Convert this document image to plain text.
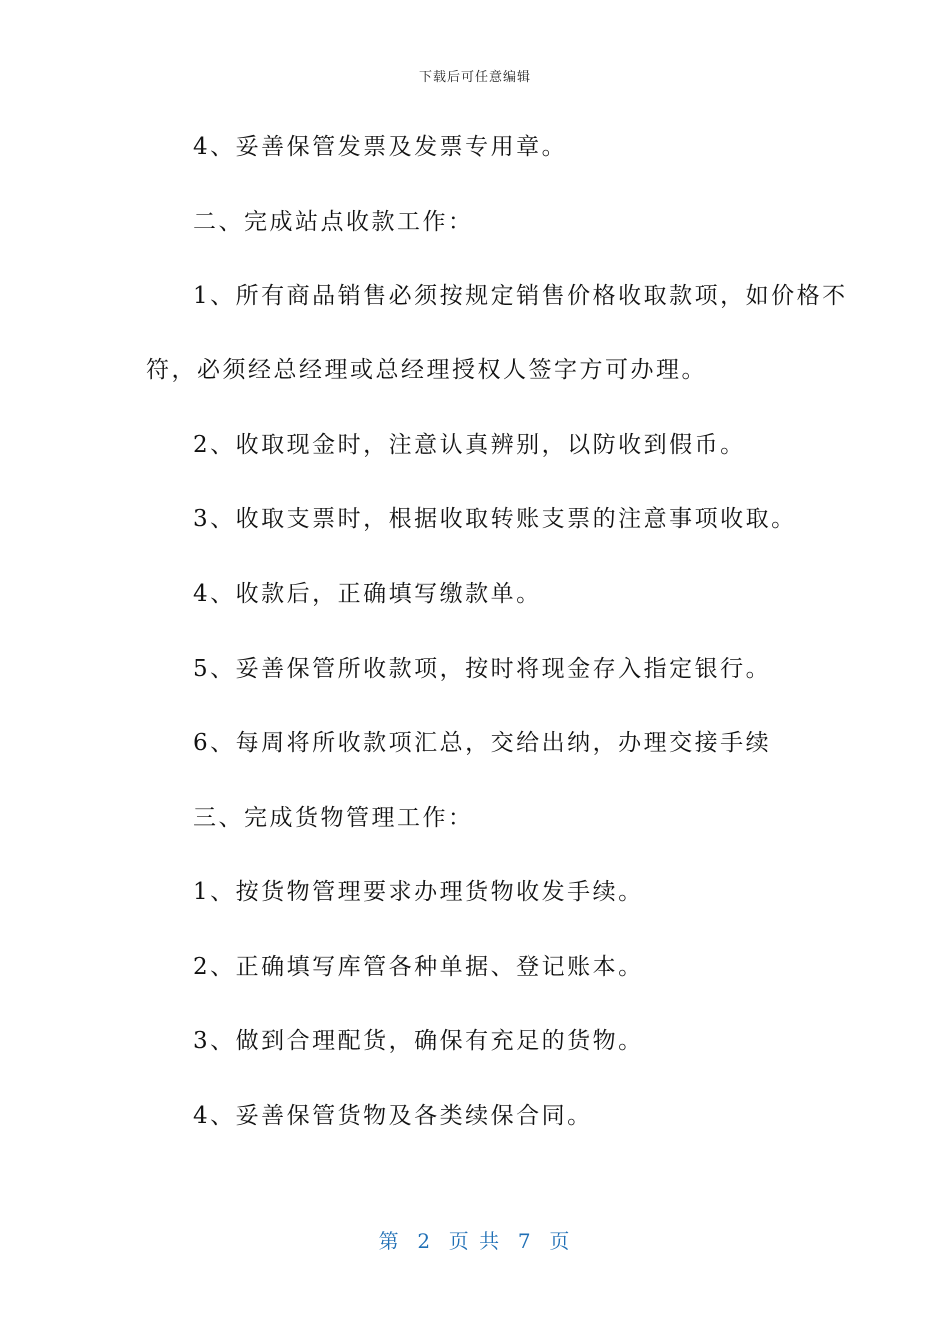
下载后可任意编辑
4、妥善保管发票及发票专用章。
二、完成站点收款工作：
1、所有商品销售必须按规定销售价格收取款项，如价格不
符，必须经总经理或总经理授权人签字方可办理。
2、收取现金时，注意认真辨别，以防收到假币。
3、收取支票时，根据收取转账支票的注意事项收取。
4、收款后，正确填写缴款单。
5、妥善保管所收款项，按时将现金存入指定银行。
6、每周将所收款项汇总，交给出纳，办理交接手续
三、完成货物管理工作：
1、按货物管理要求办理货物收发手续。
2、正确填写库管各种单据、登记账本。
3、做到合理配货，确保有充足的货物。
4、妥善保管货物及各类续保合同。
第  2  页 共  7  页
